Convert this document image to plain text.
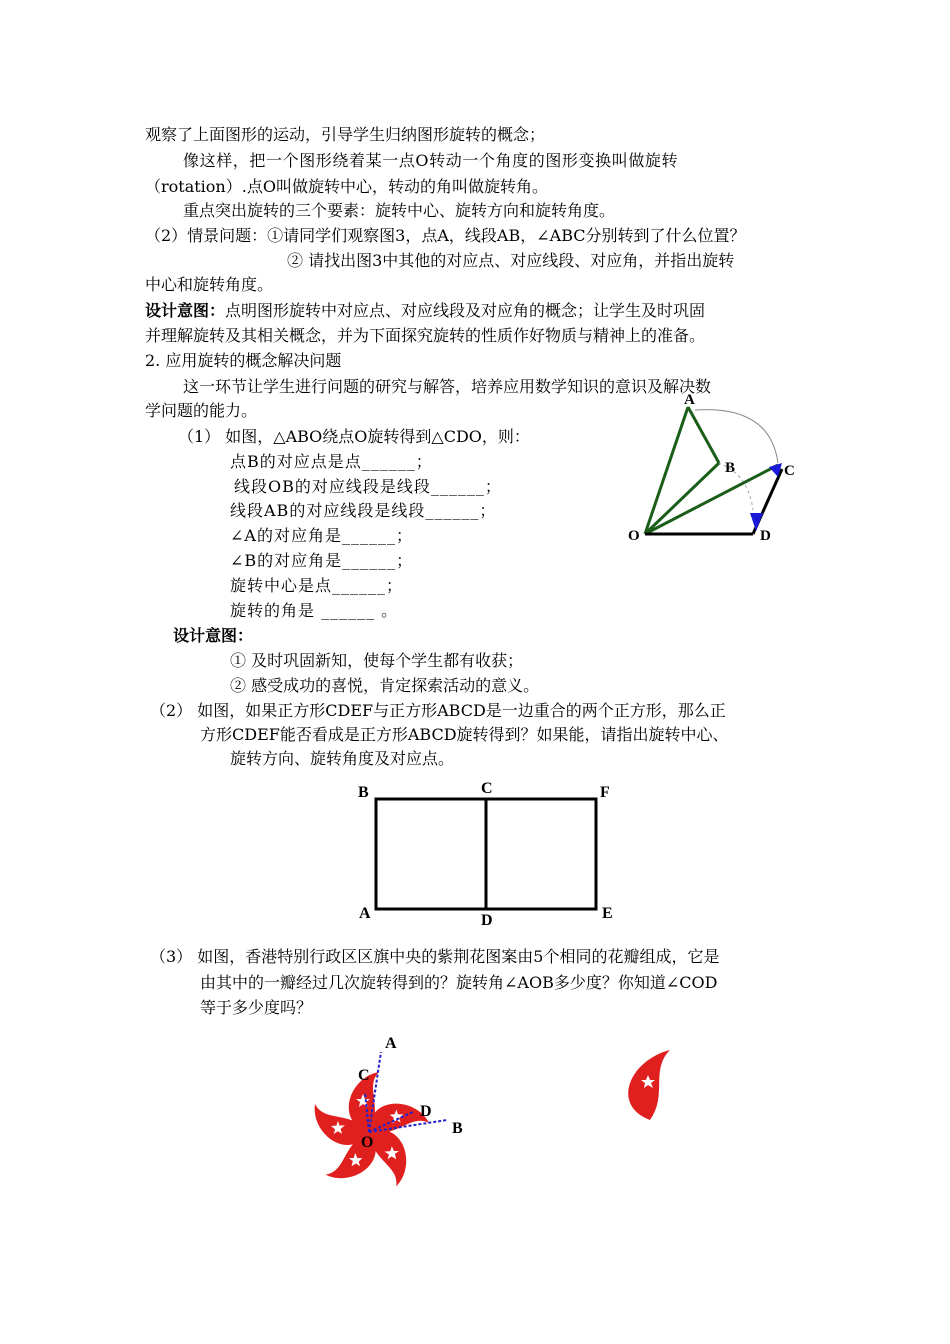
观察了上面图形的运动，引导学生归纳图形旋转的概念；
像这样，把一个图形绕着某一点O转动一个角度的图形变换叫做旋转
（rotation）.点O叫做旋转中心，转动的角叫做旋转角。
重点突出旋转的三个要素：旋转中心、旋转方向和旋转角度。
（2）情景问题：①请同学们观察图3，点A，线段AB，∠ABC分别转到了什么位置？
② 请找出图3中其他的对应点、对应线段、对应角，并指出旋转
中心和旋转角度。
设计意图：点明图形旋转中对应点、对应线段及对应角的概念；让学生及时巩固
并理解旋转及其相关概念，并为下面探究旋转的性质作好物质与精神上的准备。
2. 应用旋转的概念解决问题
这一环节让学生进行问题的研究与解答，培养应用数学知识的意识及解决数
学问题的能力。
（1） 如图，△ABO绕点O旋转得到△CDO，则：
点B的对应点是点______；
线段OB的对应线段是线段______；
线段AB的对应线段是线段______；
∠A的对应角是______；
∠B的对应角是______；
旋转中心是点______；
旋转的角是 ______ 。
A
B	C
O	D
设计意图：
① 及时巩固新知，使每个学生都有收获；
② 感受成功的喜悦，肯定探索活动的意义。
（2） 如图，如果正方形CDEF与正方形ABCD是一边重合的两个正方形，那么正
方形CDEF能否看成是正方形ABCD旋转得到？如果能，请指出旋转中心、
旋转方向、旋转角度及对应点。
B	C	F
A	D	E
（3） 如图，香港特别行政区区旗中央的紫荆花图案由5个相同的花瓣组成，它是
由其中的一瓣经过几次旋转得到的？旋转角∠AOB多少度？你知道∠COD
等于多少度吗？
A
C
D
B
O
